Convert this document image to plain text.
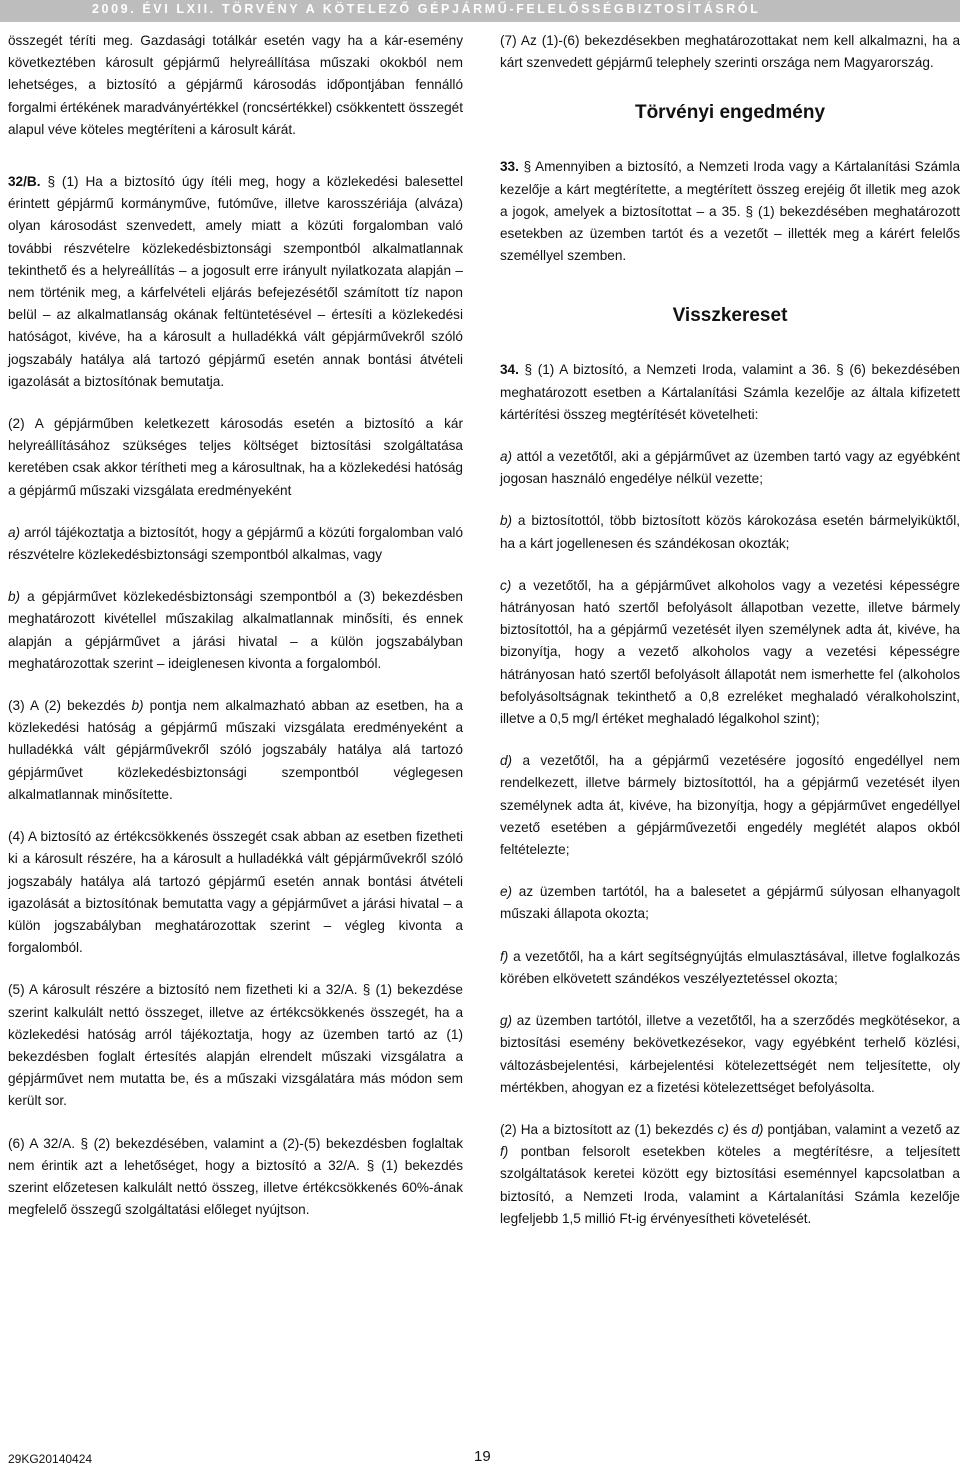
2009. ÉVI LXII. TÖRVÉNY A KÖTELEZŐ GÉPJÁRMŰ-FELELŐSSÉGBIZTOSÍTÁSRÓL

összegét téríti meg. Gazdasági totálkár esetén vagy ha a kár-esemény következtében károsult gépjármű helyreállítása műszaki okokból nem lehetséges, a biztosító a gépjármű károsodás időpontjában fennálló forgalmi értékének maradványértékkel (roncsértékkel) csökkentett összegét alapul véve köteles megtéríteni a károsult kárát.

32/B. § (1) Ha a biztosító úgy ítéli meg, hogy a közlekedési balesettel érintett gépjármű kormányműve, futóműve, illetve karosszériája (alváza) olyan károsodást szenvedett, amely miatt a közúti forgalomban való további részvételre közlekedésbiztonsági szempontból alkalmatlannak tekinthető és a helyreállítás – a jogosult erre irányult nyilatkozata alapján – nem történik meg, a kárfelvételi eljárás befejezésétől számított tíz napon belül – az alkalmatlanság okának feltüntetésével – értesíti a közlekedési hatóságot, kivéve, ha a károsult a hulladékká vált gépjárművekről szóló jogszabály hatálya alá tartozó gépjármű esetén annak bontási átvételi igazolását a biztosítónak bemutatja.

(2) A gépjárműben keletkezett károsodás esetén a biztosító a kár helyreállításához szükséges teljes költséget biztosítási szolgáltatása keretében csak akkor térítheti meg a károsultnak, ha a közlekedési hatóság a gépjármű műszaki vizsgálata eredményeként

a) arról tájékoztatja a biztosítót, hogy a gépjármű a közúti forgalomban való részvételre közlekedésbiztonsági szempontból alkalmas, vagy

b) a gépjárművet közlekedésbiztonsági szempontból a (3) bekezdésben meghatározott kivétellel műszakilag alkalmatlannak minősíti, és ennek alapján a gépjárművet a járási hivatal – a külön jogszabályban meghatározottak szerint – ideiglenesen kivonta a forgalomból.

(3) A (2) bekezdés b) pontja nem alkalmazható abban az esetben, ha a közlekedési hatóság a gépjármű műszaki vizsgálata eredményeként a hulladékká vált gépjárművekről szóló jogszabály hatálya alá tartozó gépjárművet közlekedésbiztonsági szempontból véglegesen alkalmatlannak minősítette.

(4) A biztosító az értékcsökkenés összegét csak abban az esetben fizetheti ki a károsult részére, ha a károsult a hulladékká vált gépjárművekről szóló jogszabály hatálya alá tartozó gépjármű esetén annak bontási átvételi igazolását a biztosítónak bemutatta vagy a gépjárművet a járási hivatal – a külön jogszabályban meghatározottak szerint – végleg kivonta a forgalomból.

(5) A károsult részére a biztosító nem fizetheti ki a 32/A. § (1) bekezdése szerint kalkulált nettó összeget, illetve az értékcsökkenés összegét, ha a közlekedési hatóság arról tájékoztatja, hogy az üzemben tartó az (1) bekezdésben foglalt értesítés alapján elrendelt műszaki vizsgálatra a gépjárművet nem mutatta be, és a műszaki vizsgálatára más módon sem került sor.

(6) A 32/A. § (2) bekezdésében, valamint a (2)-(5) bekezdésben foglaltak nem érintik azt a lehetőséget, hogy a biztosító a 32/A. § (1) bekezdés szerint előzetesen kalkulált nettó összeg, illetve értékcsökkenés 60%-ának megfelelő összegű szolgáltatási előleget nyújtson.

(7) Az (1)-(6) bekezdésekben meghatározottakat nem kell alkalmazni, ha a kárt szenvedett gépjármű telephely szerinti országa nem Magyarország.

Törvényi engedmény

33. § Amennyiben a biztosító, a Nemzeti Iroda vagy a Kártalanítási Számla kezelője a kárt megtérítette, a megtérített összeg erejéig őt illetik meg azok a jogok, amelyek a biztosítottat – a 35. § (1) bekezdésében meghatározott esetekben az üzemben tartót és a vezetőt – illették meg a kárért felelős személlyel szemben.

Visszkereset

34. § (1) A biztosító, a Nemzeti Iroda, valamint a 36. § (6) bekezdésében meghatározott esetben a Kártalanítási Számla kezelője az általa kifizetett kártérítési összeg megtérítését követelheti:

a) attól a vezetőtől, aki a gépjárművet az üzemben tartó vagy az egyébként jogosan használó engedélye nélkül vezette;

b) a biztosítottól, több biztosított közös károkozása esetén bármelyiküktől, ha a kárt jogellenesen és szándékosan okozták;

c) a vezetőtől, ha a gépjárművet alkoholos vagy a vezetési képességre hátrányosan ható szertől befolyásolt állapotban vezette, illetve bármely biztosítottól, ha a gépjármű vezetését ilyen személynek adta át, kivéve, ha bizonyítja, hogy a vezető alkoholos vagy a vezetési képességre hátrányosan ható szertől befolyásolt állapotát nem ismerhette fel (alkoholos befolyásoltságnak tekinthető a 0,8 ezreléket meghaladó véralkoholszint, illetve a 0,5 mg/l értéket meghaladó légalkohol szint);

d) a vezetőtől, ha a gépjármű vezetésére jogosító engedéllyel nem rendelkezett, illetve bármely biztosítottól, ha a gépjármű vezetését ilyen személynek adta át, kivéve, ha bizonyítja, hogy a gépjárművet engedéllyel vezető esetében a gépjárművezetői engedély meglétét alapos okból feltételezte;

e) az üzemben tartótól, ha a balesetet a gépjármű súlyosan elhanyagolt műszaki állapota okozta;

f) a vezetőtől, ha a kárt segítségnyújtás elmulasztásával, illetve foglalkozás körében elkövetett szándékos veszélyeztetéssel okozta;

g) az üzemben tartótól, illetve a vezetőtől, ha a szerződés megkötésekor, a biztosítási esemény bekövetkezésekor, vagy egyébként terhelő közlési, változásbejelentési, kárbejelentési kötelezettségét nem teljesítette, oly mértékben, ahogyan ez a fizetési kötelezettséget befolyásolta.

(2) Ha a biztosított az (1) bekezdés c) és d) pontjában, valamint a vezető az f) pontban felsorolt esetekben köteles a megtérítésre, a teljesített szolgáltatások keretei között egy biztosítási eseménnyel kapcsolatban a biztosító, a Nemzeti Iroda, valamint a Kártalanítási Számla kezelője legfeljebb 1,5 millió Ft-ig érvényesítheti követelését.

29KG20140424	19
